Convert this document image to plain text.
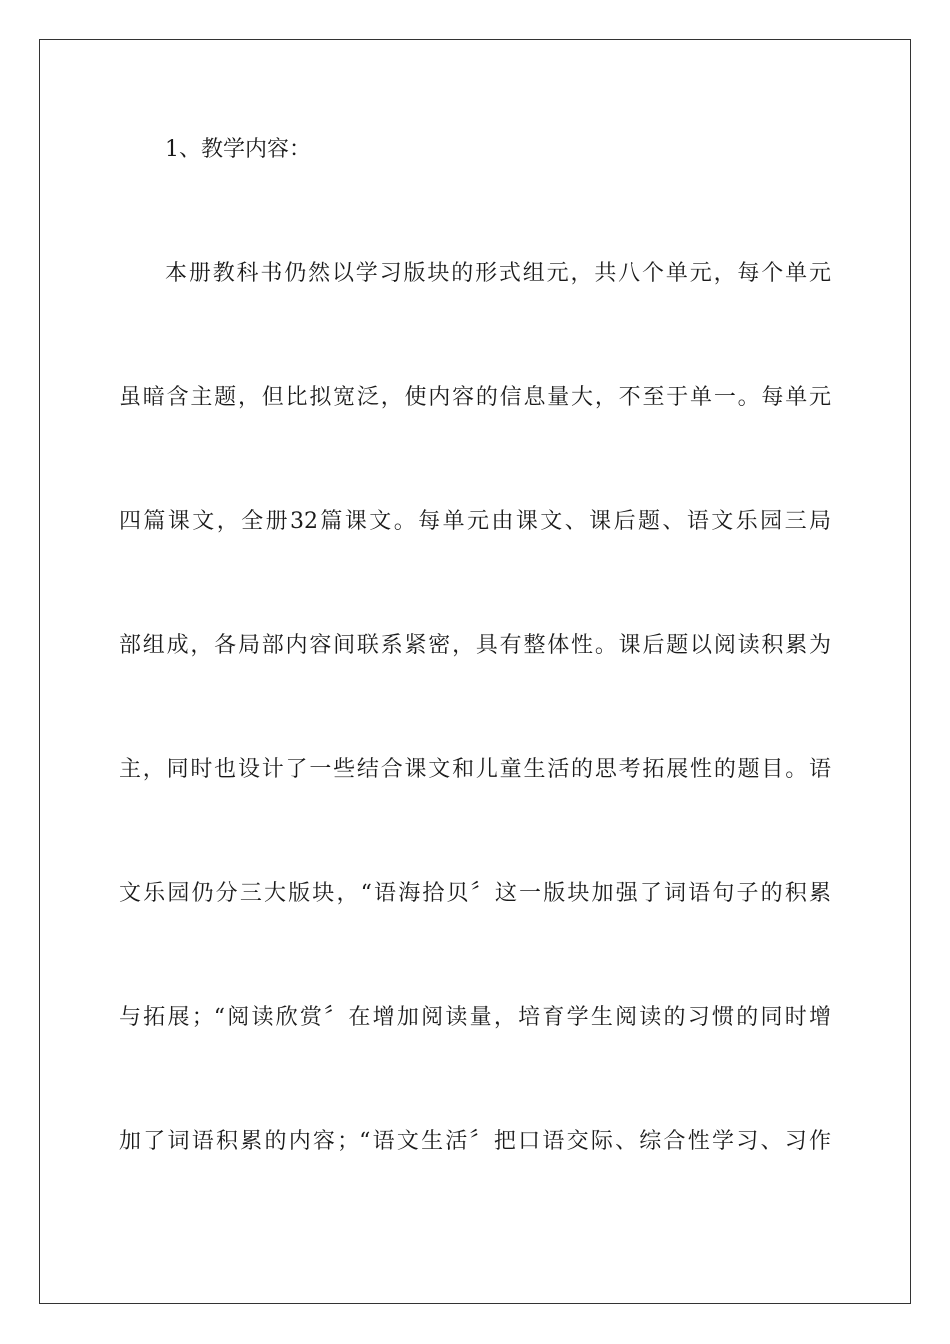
1、教学内容：
本册教科书仍然以学习版块的形式组元，共八个单元，每个单元
虽暗含主题，但比拟宽泛，使内容的信息量大，不至于单一。每单元
四篇课文，全册32篇课文。每单元由课文、课后题、语文乐园三局
部组成，各局部内容间联系紧密，具有整体性。课后题以阅读积累为
主，同时也设计了一些结合课文和儿童生活的思考拓展性的题目。语
文乐园仍分三大版块，“语海拾贝〞这一版块加强了词语句子的积累
与拓展；“阅读欣赏〞在增加阅读量，培育学生阅读的习惯的同时增
加了词语积累的内容；“语文生活〞把口语交际、综合性学习、习作
